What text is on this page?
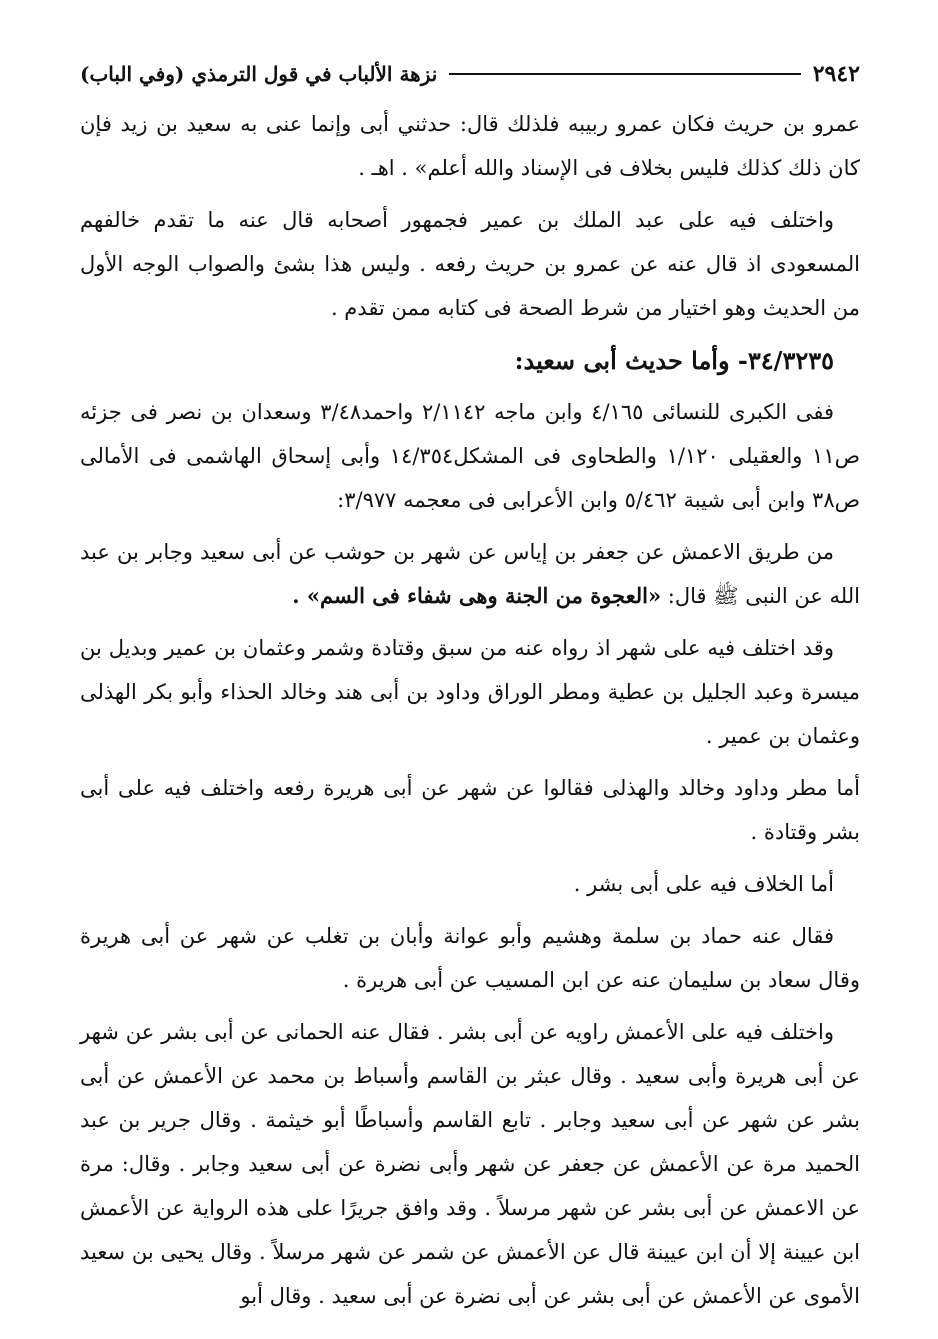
٢٩٤٢
نزهة الألباب في قول الترمذي (وفي الباب)

عمرو بن حريث فكان عمرو ربيبه فلذلك قال: حدثني أبى وإنما عنى به سعيد بن زيد فإن كان ذلك كذلك فليس بخلاف فى الإسناد والله أعلم» . اهـ .

واختلف فيه على عبد الملك بن عمير فجمهور أصحابه قال عنه ما تقدم خالفهم المسعودى اذ قال عنه عن عمرو بن حريث رفعه . وليس هذا بشئ والصواب الوجه الأول من الحديث وهو اختيار من شرط الصحة فى كتابه ممن تقدم .

٣٤/٣٢٣٥- وأما حديث أبى سعيد:

ففى الكبرى للنسائى ٤/١٦٥ وابن ماجه ٢/١١٤٢ واحمد٣/٤٨ وسعدان بن نصر فى جزئه ص١١ والعقيلى ١/١٢٠ والطحاوى فى المشكل١٤/٣٥٤ وأبى إسحاق الهاشمى فى الأمالى ص٣٨ وابن أبى شيبة ٥/٤٦٢ وابن الأعرابى فى معجمه ٣/٩٧٧:

من طريق الاعمش عن جعفر بن إياس عن شهر بن حوشب عن أبى سعيد وجابر بن عبد الله عن النبى ﷺ قال: «العجوة من الجنة وهى شفاء فى السم» .

وقد اختلف فيه على شهر اذ رواه عنه من سبق وقتادة وشمر وعثمان بن عمير وبديل بن ميسرة وعبد الجليل بن عطية ومطر الوراق وداود بن أبى هند وخالد الحذاء وأبو بكر الهذلى وعثمان بن عمير .

أما مطر وداود وخالد والهذلى فقالوا عن شهر عن أبى هريرة رفعه واختلف فيه على أبى بشر وقتادة .

أما الخلاف فيه على أبى بشر .

فقال عنه حماد بن سلمة وهشيم وأبو عوانة وأبان بن تغلب عن شهر عن أبى هريرة وقال سعاد بن سليمان عنه عن ابن المسيب عن أبى هريرة .

واختلف فيه على الأعمش راويه عن أبى بشر . فقال عنه الحمانى عن أبى بشر عن شهر عن أبى هريرة وأبى سعيد . وقال عبثر بن القاسم وأسباط بن محمد عن الأعمش عن أبى بشر عن شهر عن أبى سعيد وجابر . تابع القاسم وأسباطًا أبو خيثمة . وقال جرير بن عبد الحميد مرة عن الأعمش عن جعفر عن شهر وأبى نضرة عن أبى سعيد وجابر . وقال: مرة عن الاعمش عن أبى بشر عن شهر مرسلاً . وقد وافق جريرًا على هذه الرواية عن الأعمش ابن عيينة إلا أن ابن عيينة قال عن الأعمش عن شمر عن شهر مرسلاً . وقال يحيى بن سعيد الأموى عن الأعمش عن أبى بشر عن أبى نضرة عن أبى سعيد . وقال أبو
